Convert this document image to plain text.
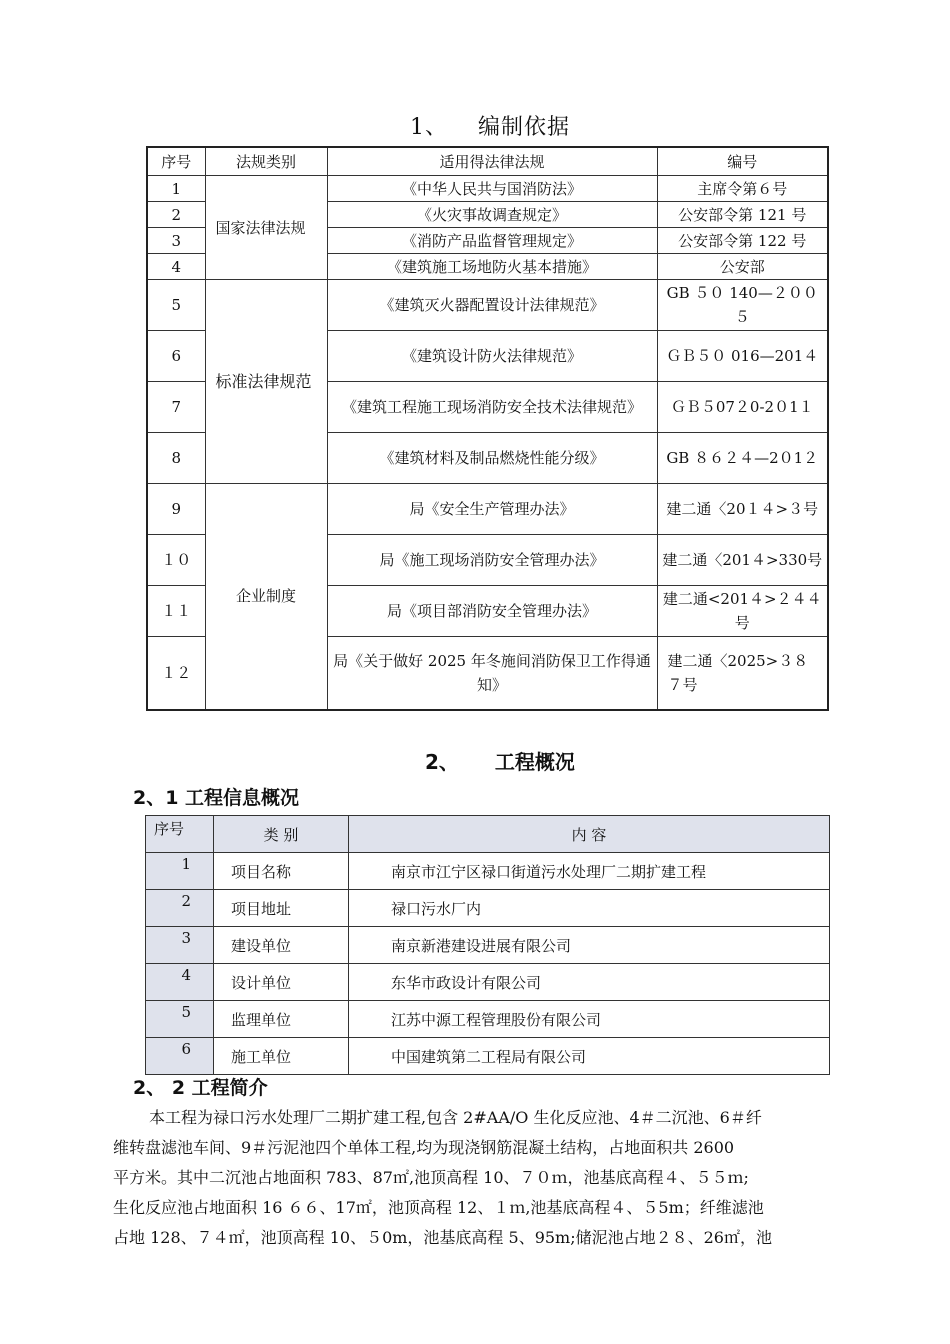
1、 编制依据
序号	法规类别	适用得法律法规	编号
1	国家法律法规	《中华人民共与国消防法》	主席令第６号
2		《火灾事故调查规定》	公安部令第 121 号
3		《消防产品监督管理规定》	公安部令第 122 号
4		《建筑施工场地防火基本措施》	公安部
5	标准法律规范	《建筑灭火器配置设计法律规范》	GB ５０ 140—２００５
6		《建筑设计防火法律规范》	ＧＢ５０ 016—201４
7		《建筑工程施工现场消防安全技术法律规范》	ＧＢ５07２0-2０1１
8		《建筑材料及制品燃烧性能分级》	GB ８６２４—2０1２
9	企业制度	局《安全生产管理办法》	建二通〈20１４>３号
１０		局《施工现场消防安全管理办法》	建二通〈201４>330号
１１		局《项目部消防安全管理办法》	建二通<201４>２４４号
１２		局《关于做好 2025 年冬施间消防保卫工作得通知》	建二通〈2025>３８７号
2、 工程概况
2、1 工程信息概况
序号	类 别	内 容
1	项目名称	南京市江宁区禄口街道污水处理厂二期扩建工程
2	项目地址	禄口污水厂内
3	建设单位	南京新港建设进展有限公司
4	设计单位	东华市政设计有限公司
5	监理单位	江苏中源工程管理股份有限公司
6	施工单位	中国建筑第二工程局有限公司
2、 2 工程简介
本工程为禄口污水处理厂二期扩建工程,包含 2#AA/O 生化反应池、4＃二沉池、6＃纤
维转盘滤池车间、9＃污泥池四个单体工程,均为现浇钢筋混凝土结构，占地面积共 2600
平方米。其中二沉池占地面积 783、87㎡,池顶高程 10、７０ｍ，池基底高程４、５５ｍ;
生化反应池占地面积 16 ６６、17㎡，池顶高程 12、１ｍ,池基底高程４、５5m；纤维滤池
占地 128、７４㎡，池顶高程 10、５0m，池基底高程 5、95m;储泥池占地２８、26㎡，池
